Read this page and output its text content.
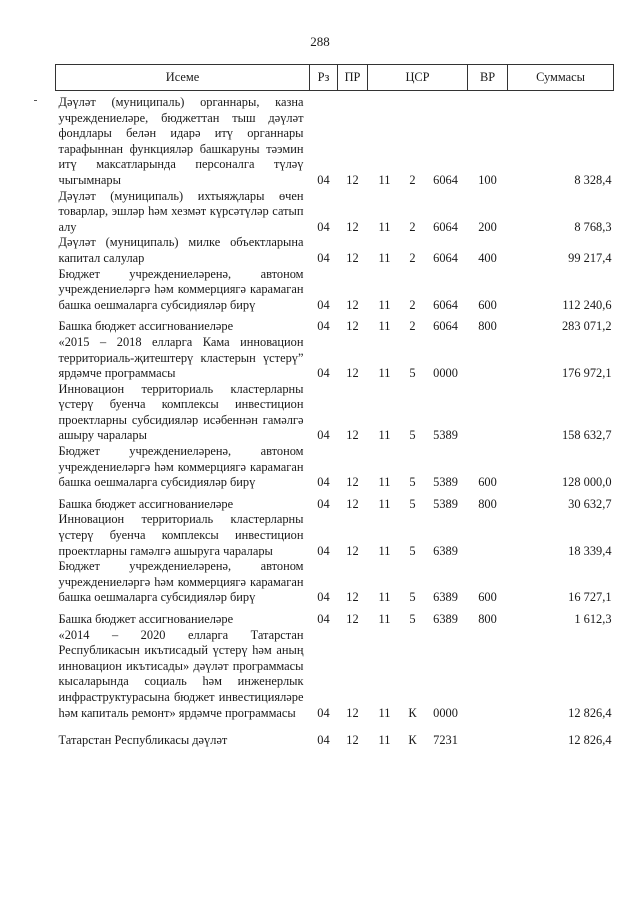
288
Исеме	Рз	ПР	ЦСР			ВР	Суммасы

Дәүләт (муниципаль) органнары, казна учреждениеләре, бюджеттан тыш дәүләт фондлары белән идарә итү органнары тарафыннан функцияләр башкаруны тәэмин итү максатларында персоналга түләү чыгымнары	04	12	11	2	6064	100	8 328,4

Дәүләт (муниципаль) ихтыяҗлары өчен товарлар, эшләр һәм хезмәт күрсәтүләр сатып алу	04	12	11	2	6064	200	8 768,3

Дәүләт (муниципаль) милке объектларына капитал салулар	04	12	11	2	6064	400	99 217,4

Бюджет учреждениеләренә, автоном учреждениеләргә һәм коммерциягә карамаган башка оешмаларга субсидияләр бирү	04	12	11	2	6064	600	112 240,6

Башка бюджет ассигнованиеләре	04	12	11	2	6064	800	283 071,2

«2015 – 2018 елларга Кама инновацион территориаль-җитештерү кластерын үстерү” ярдәмче программасы	04	12	11	5	0000		176 972,1

Инновацион территориаль кластерларны үстерү буенча комплексы инвестицион проектларны субсидияләр исәбеннән гамәлгә ашыру чаралары	04	12	11	5	5389		158 632,7

Бюджет учреждениеләренә, автоном учреждениеләргә һәм коммерциягә карамаган башка оешмаларга субсидияләр бирү	04	12	11	5	5389	600	128 000,0

Башка бюджет ассигнованиеләре	04	12	11	5	5389	800	30 632,7

Инновацион территориаль кластерларны үстерү буенча комплексы инвестицион проектларны гамәлгә ашыруга чаралары	04	12	11	5	6389		18 339,4

Бюджет учреждениеләренә, автоном учреждениеләргә һәм коммерциягә карамаган башка оешмаларга субсидияләр бирү	04	12	11	5	6389	600	16 727,1

Башка бюджет ассигнованиеләре	04	12	11	5	6389	800	1 612,3

«2014 – 2020 елларга Татарстан Республикасын икътисадый үстерү һәм аның инновацион икътисады» дәүләт программасы кысаларында социаль һәм инженерлык инфраструктурасына бюджет инвестицияләре һәм капиталь ремонт» ярдәмче программасы	04	12	11	К	0000		12 826,4

Татарстан Республикасы дәүләт	04	12	11	К	7231		12 826,4
